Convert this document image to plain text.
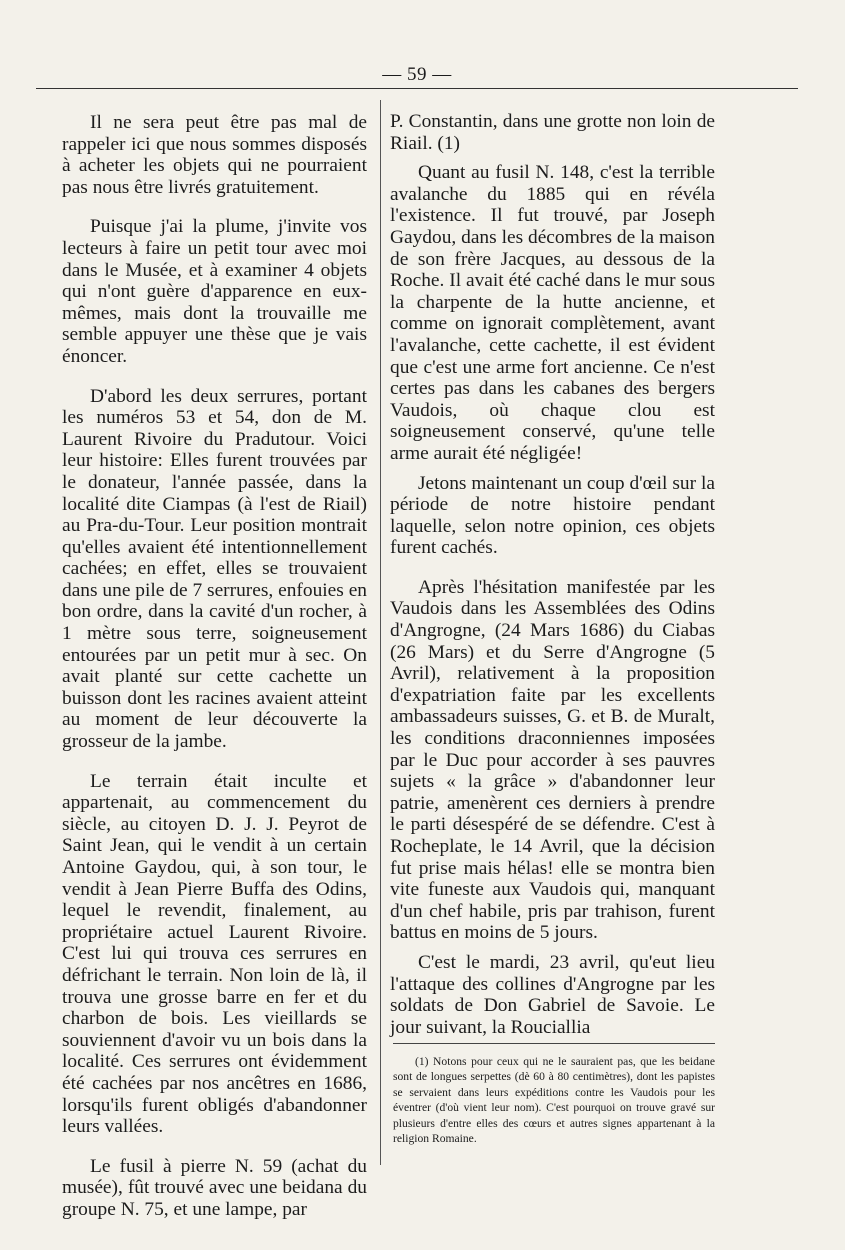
— 59 —

Il ne sera peut être pas mal de rappeler ici que nous sommes disposés à acheter les objets qui ne pourraient pas nous être livrés gratuitement.

Puisque j'ai la plume, j'invite vos lecteurs à faire un petit tour avec moi dans le Musée, et à examiner 4 objets qui n'ont guère d'apparence en eux-mêmes, mais dont la trouvaille me semble appuyer une thèse que je vais énoncer.

D'abord les deux serrures, portant les numéros 53 et 54, don de M. Laurent Rivoire du Pradutour. Voici leur histoire: Elles furent trouvées par le donateur, l'année passée, dans la localité dite Ciampas (à l'est de Riail) au Pra-du-Tour. Leur position montrait qu'elles avaient été intentionnellement cachées; en effet, elles se trouvaient dans une pile de 7 serrures, enfouies en bon ordre, dans la cavité d'un rocher, à 1 mètre sous terre, soigneusement entourées par un petit mur à sec. On avait planté sur cette cachette un buisson dont les racines avaient atteint au moment de leur découverte la grosseur de la jambe.

Le terrain était inculte et appartenait, au commencement du siècle, au citoyen D. J. J. Peyrot de Saint Jean, qui le vendit à un certain Antoine Gaydou, qui, à son tour, le vendit à Jean Pierre Buffa des Odins, lequel le revendit, finalement, au propriétaire actuel Laurent Rivoire. C'est lui qui trouva ces serrures en défrichant le terrain. Non loin de là, il trouva une grosse barre en fer et du charbon de bois. Les vieillards se souviennent d'avoir vu un bois dans la localité. Ces serrures ont évidemment été cachées par nos ancêtres en 1686, lorsqu'ils furent obligés d'abandonner leurs vallées.

Le fusil à pierre N. 59 (achat du musée), fût trouvé avec une beidana du groupe N. 75, et une lampe, par

P. Constantin, dans une grotte non loin de Riail. (1)

Quant au fusil N. 148, c'est la terrible avalanche du 1885 qui en révéla l'existence. Il fut trouvé, par Joseph Gaydou, dans les décombres de la maison de son frère Jacques, au dessous de la Roche. Il avait été caché dans le mur sous la charpente de la hutte ancienne, et comme on ignorait complètement, avant l'avalanche, cette cachette, il est évident que c'est une arme fort ancienne. Ce n'est certes pas dans les cabanes des bergers Vaudois, où chaque clou est soigneusement conservé, qu'une telle arme aurait été négligée!

Jetons maintenant un coup d'œil sur la période de notre histoire pendant laquelle, selon notre opinion, ces objets furent cachés.

Après l'hésitation manifestée par les Vaudois dans les Assemblées des Odins d'Angrogne, (24 Mars 1686) du Ciabas (26 Mars) et du Serre d'Angrogne (5 Avril), relativement à la proposition d'expatriation faite par les excellents ambassadeurs suisses, G. et B. de Muralt, les conditions draconniennes imposées par le Duc pour accorder à ses pauvres sujets « la grâce » d'abandonner leur patrie, amenèrent ces derniers à prendre le parti désespéré de se défendre. C'est à Rocheplate, le 14 Avril, que la décision fut prise mais hélas! elle se montra bien vite funeste aux Vaudois qui, manquant d'un chef habile, pris par trahison, furent battus en moins de 5 jours.

C'est le mardi, 23 avril, qu'eut lieu l'attaque des collines d'Angrogne par les soldats de Don Gabriel de Savoie. Le jour suivant, la Rouciallia

(1) Notons pour ceux qui ne le sauraient pas, que les beidane sont de longues serpettes (dè 60 à 80 centimètres), dont les papistes se servaient dans leurs expéditions contre les Vaudois pour les éventrer (d'où vient leur nom). C'est pourquoi on trouve gravé sur plusieurs d'entre elles des cœurs et autres signes appartenant à la religion Romaine.
